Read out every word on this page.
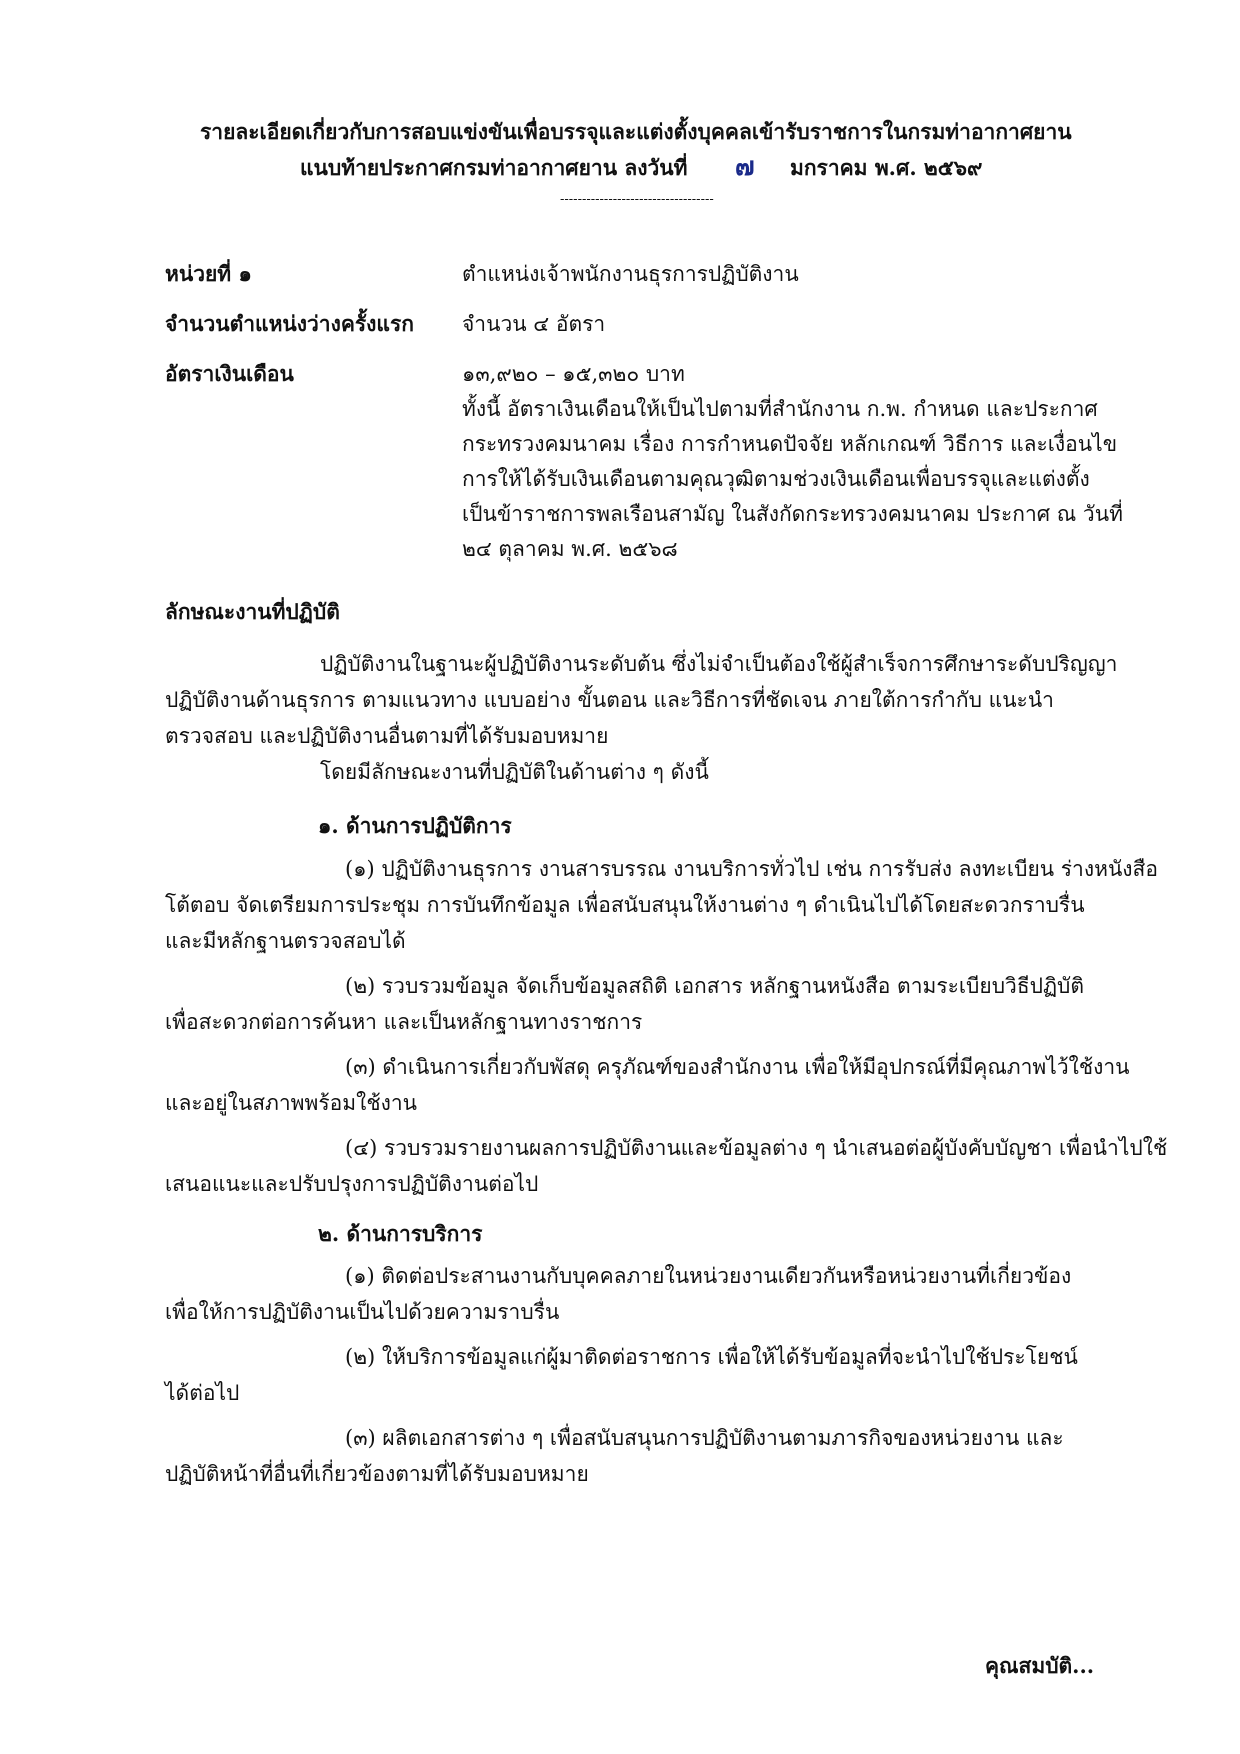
รายละเอียดเกี่ยวกับการสอบแข่งขันเพื่อบรรจุและแต่งตั้งบุคคลเข้ารับราชการในกรมท่าอากาศยาน
แนบท้ายประกาศกรมท่าอากาศยาน ลงวันที่ ๗ มกราคม พ.ศ. ๒๕๖๙
-----------------------------------
หน่วยที่ ๑	ตำแหน่งเจ้าพนักงานธุรการปฏิบัติงาน
จำนวนตำแหน่งว่างครั้งแรก จำนวน ๔ อัตรา
อัตราเงินเดือน	๑๓,๙๒๐ – ๑๕,๓๒๐ บาท
ทั้งนี้ อัตราเงินเดือนให้เป็นไปตามที่สำนักงาน ก.พ. กำหนด และประกาศ
กระทรวงคมนาคม เรื่อง การกำหนดปัจจัย หลักเกณฑ์ วิธีการ และเงื่อนไข
การให้ได้รับเงินเดือนตามคุณวุฒิตามช่วงเงินเดือนเพื่อบรรจุและแต่งตั้ง
เป็นข้าราชการพลเรือนสามัญ ในสังกัดกระทรวงคมนาคม ประกาศ ณ วันที่
๒๔ ตุลาคม พ.ศ. ๒๕๖๘
ลักษณะงานที่ปฏิบัติ
ปฏิบัติงานในฐานะผู้ปฏิบัติงานระดับต้น ซึ่งไม่จำเป็นต้องใช้ผู้สำเร็จการศึกษาระดับปริญญา
ปฏิบัติงานด้านธุรการ ตามแนวทาง แบบอย่าง ขั้นตอน และวิธีการที่ชัดเจน ภายใต้การกำกับ แนะนำ
ตรวจสอบ และปฏิบัติงานอื่นตามที่ได้รับมอบหมาย
โดยมีลักษณะงานที่ปฏิบัติในด้านต่าง ๆ ดังนี้
๑. ด้านการปฏิบัติการ
(๑) ปฏิบัติงานธุรการ งานสารบรรณ งานบริการทั่วไป เช่น การรับส่ง ลงทะเบียน ร่างหนังสือ
โต้ตอบ จัดเตรียมการประชุม การบันทึกข้อมูล เพื่อสนับสนุนให้งานต่าง ๆ ดำเนินไปได้โดยสะดวกราบรื่น
และมีหลักฐานตรวจสอบได้
(๒) รวบรวมข้อมูล จัดเก็บข้อมูลสถิติ เอกสาร หลักฐานหนังสือ ตามระเบียบวิธีปฏิบัติ
เพื่อสะดวกต่อการค้นหา และเป็นหลักฐานทางราชการ
(๓) ดำเนินการเกี่ยวกับพัสดุ ครุภัณฑ์ของสำนักงาน เพื่อให้มีอุปกรณ์ที่มีคุณภาพไว้ใช้งาน
และอยู่ในสภาพพร้อมใช้งาน
(๔) รวบรวมรายงานผลการปฏิบัติงานและข้อมูลต่าง ๆ นำเสนอต่อผู้บังคับบัญชา เพื่อนำไปใช้
เสนอแนะและปรับปรุงการปฏิบัติงานต่อไป
๒. ด้านการบริการ
(๑) ติดต่อประสานงานกับบุคคลภายในหน่วยงานเดียวกันหรือหน่วยงานที่เกี่ยวข้อง
เพื่อให้การปฏิบัติงานเป็นไปด้วยความราบรื่น
(๒) ให้บริการข้อมูลแก่ผู้มาติดต่อราชการ เพื่อให้ได้รับข้อมูลที่จะนำไปใช้ประโยชน์
ได้ต่อไป
(๓) ผลิตเอกสารต่าง ๆ เพื่อสนับสนุนการปฏิบัติงานตามภารกิจของหน่วยงาน และ
ปฏิบัติหน้าที่อื่นที่เกี่ยวข้องตามที่ได้รับมอบหมาย
คุณสมบัติ...
